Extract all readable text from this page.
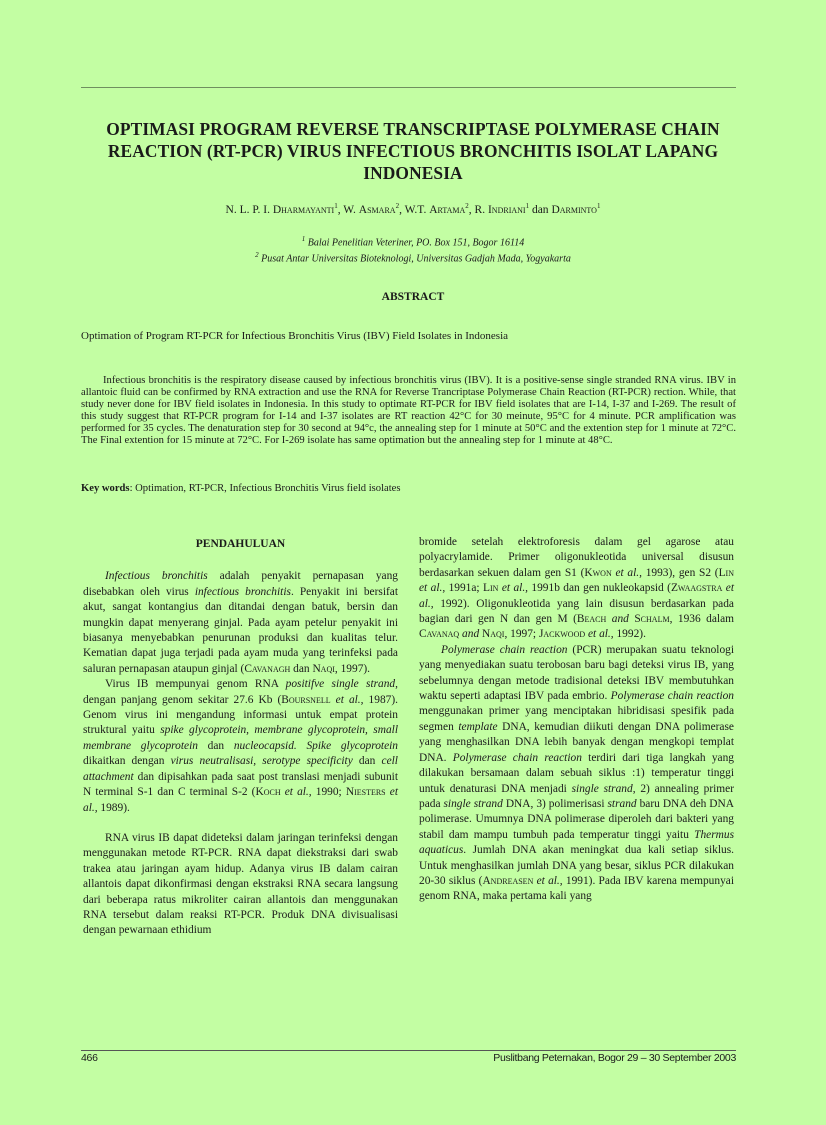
OPTIMASI PROGRAM REVERSE TRANSCRIPTASE POLYMERASE CHAIN REACTION (RT-PCR) VIRUS INFECTIOUS BRONCHITIS ISOLAT LAPANG INDONESIA
N. L. P. I. Dharmayanti$^1$, W. Asmara$^2$, W.T. Artama$^2$, R. Indriani$^1$ dan Darminto$^1$
$^1$ Balai Penelitian Veteriner, PO. Box 151, Bogor 16114
$^2$ Pusat Antar Universitas Bioteknologi, Universitas Gadjah Mada, Yogyakarta
ABSTRACT
Optimation of Program RT-PCR for Infectious Bronchitis Virus (IBV) Field Isolates in Indonesia
Infectious bronchitis is the respiratory disease caused by infectious bronchitis virus (IBV). It is a positive-sense single stranded RNA virus. IBV in allantoic fluid can be confirmed by RNA extraction and use the RNA for Reverse Trancriptase Polymerase Chain Reaction (RT-PCR) rection. While, that study never done for IBV field isolates in Indonesia. In this study to optimate RT-PCR for IBV field isolates that are I-14, I-37 and I-269. The result of this study suggest that RT-PCR program for I-14 and I-37 isolates are RT reaction 42°C for 30 meinute, 95°C for 4 minute. PCR amplification was performed for 35 cycles. The denaturation step for 30 second at 94°c, the annealing step for 1 minute at 50°C and the extention step for 1 minute at 72°C. The Final extention for 15 minute at 72°C. For I-269 isolate has same optimation but the annealing step for 1 minute at 48°C.
Key words: Optimation, RT-PCR, Infectious Bronchitis Virus field isolates

PENDAHULUAN

Infectious bronchitis adalah penyakit pernapasan yang disebabkan oleh virus infectious bronchitis. Penyakit ini bersifat akut, sangat kontangius dan ditandai dengan batuk, bersin dan mungkin dapat menyerang ginjal. Pada ayam petelur penyakit ini biasanya menyebabkan penurunan produksi dan kualitas telur. Kematian dapat juga terjadi pada ayam muda yang terinfeksi pada saluran pernapasan ataupun ginjal (Cavanagh dan Naqi, 1997).

Virus IB mempunyai genom RNA positifve single strand, dengan panjang genom sekitar 27.6 Kb (Boursnell et al., 1987). Genom virus ini mengandung informasi untuk empat protein struktural yaitu spike glycoprotein, membrane glycoprotein, small membrane glycoprotein dan nucleocapsid. Spike glycoprotein dikaitkan dengan virus neutralisasi, serotype specificity dan cell attachment dan dipisahkan pada saat post translasi menjadi subunit N terminal S-1 dan C terminal S-2 (Koch et al., 1990; Niesters et al., 1989).

RNA virus IB dapat dideteksi dalam jaringan terinfeksi dengan menggunakan metode RT-PCR. RNA dapat diekstraksi dari swab trakea atau jaringan ayam hidup. Adanya virus IB dalam cairan allantois dapat dikonfirmasi dengan ekstraksi RNA secara langsung dari beberapa ratus mikroliter cairan allantois dan menggunakan RNA tersebut dalam reaksi RT-PCR. Produk DNA divisualisasi dengan pewarnaan ethidium

bromide setelah elektroforesis dalam gel agarose atau polyacrylamide. Primer oligonukleotida universal disusun berdasarkan sekuen dalam gen S1 (Kwon et al., 1993), gen S2 (Lin et al., 1991a; Lin et al., 1991b dan gen nukleokapsid (Zwaagstra et al., 1992). Oligonukleotida yang lain disusun berdasarkan pada bagian dari gen N dan gen M (Beach and Schalm, 1936 dalam Cavanaq and Naqi, 1997; Jackwood et al., 1992).

Polymerase chain reaction (PCR) merupakan suatu teknologi yang menyediakan suatu terobosan baru bagi deteksi virus IB, yang sebelumnya dengan metode tradisional deteksi IBV membutuhkan waktu seperti adaptasi IBV pada embrio. Polymerase chain reaction menggunakan primer yang menciptakan hibridisasi spesifik pada segmen template DNA, kemudian diikuti dengan DNA polimerase yang menghasilkan DNA lebih banyak dengan mengkopi templat DNA. Polymerase chain reaction terdiri dari tiga langkah yang dilakukan bersamaan dalam sebuah siklus :1) temperatur tinggi untuk denaturasi DNA menjadi single strand, 2) annealing primer pada single strand DNA, 3) polimerisasi strand baru DNA deh DNA polimerase. Umumnya DNA polimerase diperoleh dari bakteri yang stabil dam mampu tumbuh pada temperatur tinggi yaitu Thermus aquaticus. Jumlah DNA akan meningkat dua kali setiap siklus. Untuk menghasilkan jumlah DNA yang besar, siklus PCR dilakukan 20-30 siklus (Andreasen et al., 1991). Pada IBV karena mempunyai genom RNA, maka pertama kali yang

466	Puslitbang Peternakan, Bogor 29 – 30 September 2003
